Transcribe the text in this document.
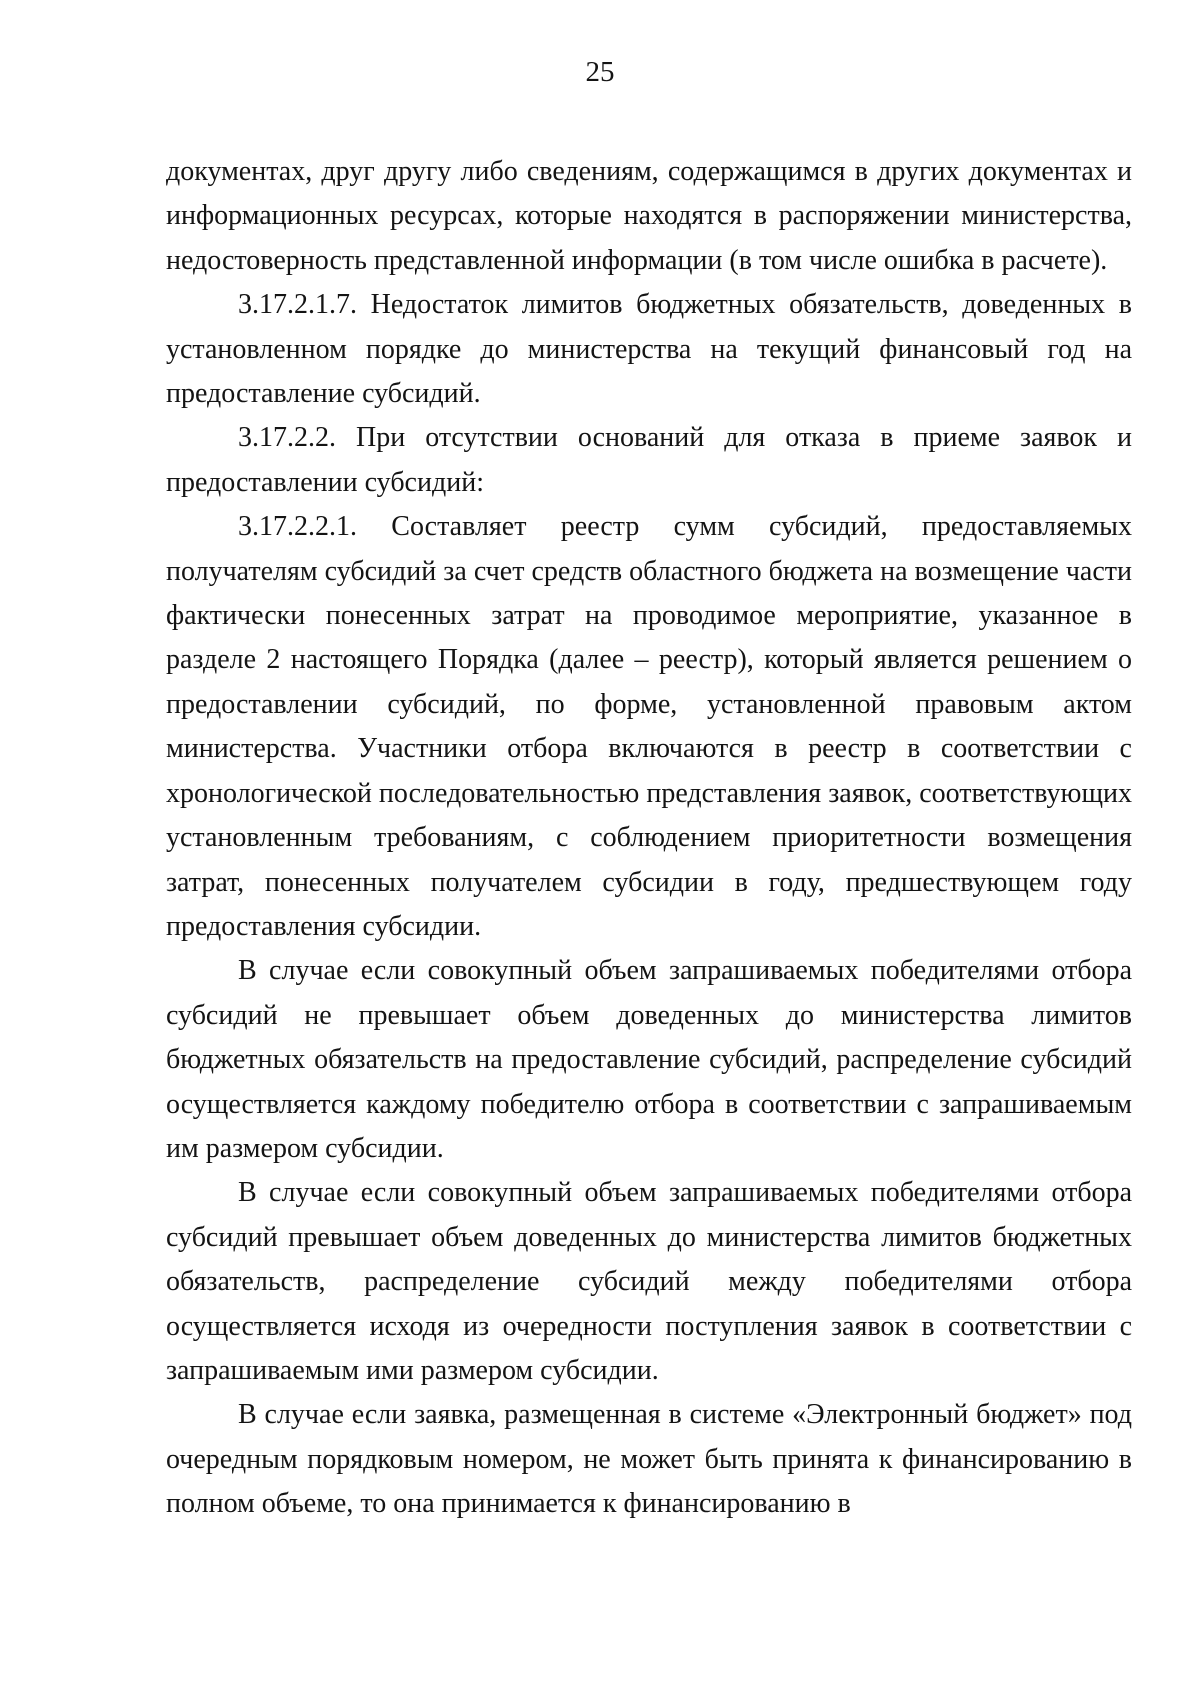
25

документах, друг другу либо сведениям, содержащимся в других документах и информационных ресурсах, которые находятся в распоряжении министерства, недостоверность представленной информации (в том числе ошибка в расчете).

3.17.2.1.7. Недостаток лимитов бюджетных обязательств, доведенных в установленном порядке до министерства на текущий финансовый год на предоставление субсидий.

3.17.2.2. При отсутствии оснований для отказа в приеме заявок и предоставлении субсидий:

3.17.2.2.1. Составляет реестр сумм субсидий, предоставляемых получателям субсидий за счет средств областного бюджета на возмещение части фактически понесенных затрат на проводимое мероприятие, указанное в разделе 2 настоящего Порядка (далее – реестр), который является решением о предоставлении субсидий, по форме, установленной правовым актом министерства. Участники отбора включаются в реестр в соответствии с хронологической последовательностью представления заявок, соответствующих установленным требованиям, с соблюдением приоритетности возмещения затрат, понесенных получателем субсидии в году, предшествующем году предоставления субсидии.

В случае если совокупный объем запрашиваемых победителями отбора субсидий не превышает объем доведенных до министерства лимитов бюджетных обязательств на предоставление субсидий, распределение субсидий осуществляется каждому победителю отбора в соответствии с запрашиваемым им размером субсидии.

В случае если совокупный объем запрашиваемых победителями отбора субсидий превышает объем доведенных до министерства лимитов бюджетных обязательств, распределение субсидий между победителями отбора осуществляется исходя из очередности поступления заявок в соответствии с запрашиваемым ими размером субсидии.

В случае если заявка, размещенная в системе «Электронный бюджет» под очередным порядковым номером, не может быть принята к финансированию в полном объеме, то она принимается к финансированию в
